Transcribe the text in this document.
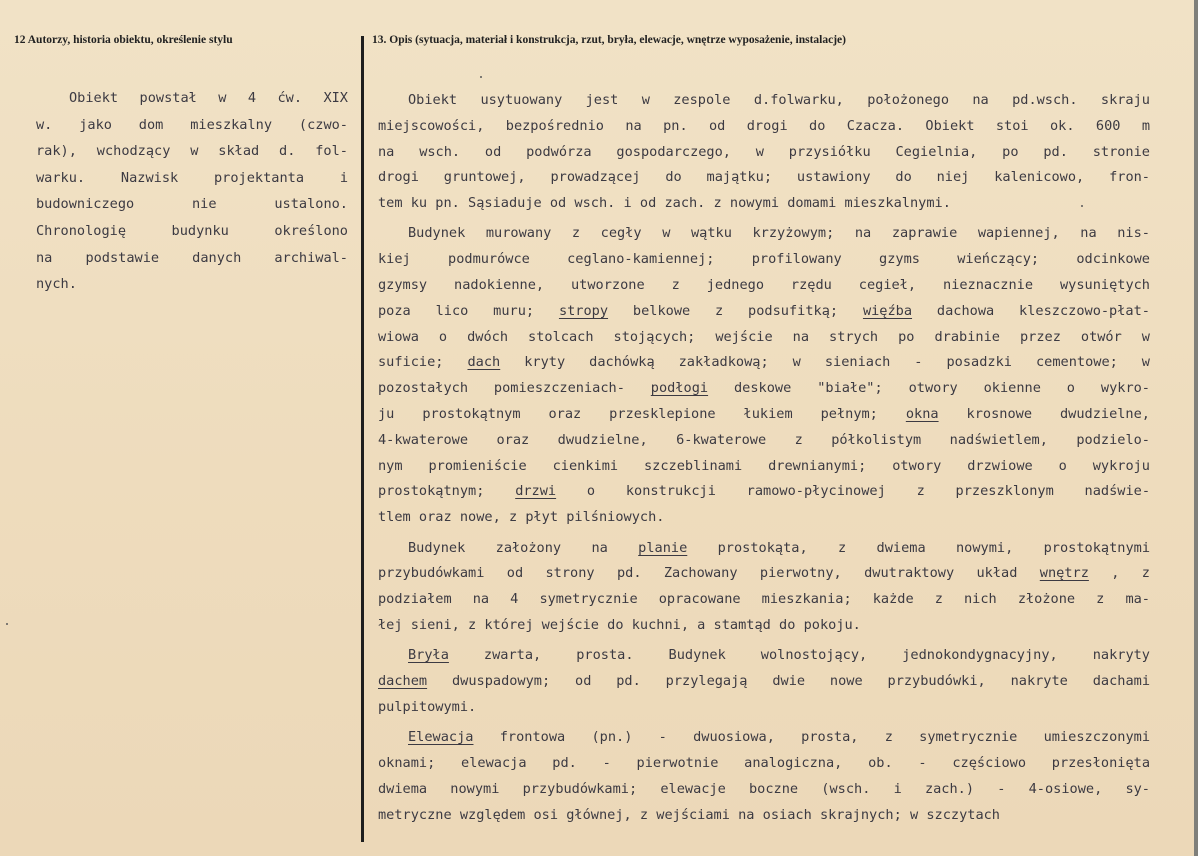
12 Autorzy, historia obiektu, określenie stylu	13. Opis (sytuacja, materiał i konstrukcja, rzut, bryła, elewacje, wnętrze wyposażenie, instalacje)
Obiekt powstał w 4 ćw. XIX
w. jako dom mieszkalny (czwo-
rak), wchodzący w skład d. fol-
warku. Nazwisk projektanta i
budowniczego nie ustalono.
Chronologię budynku określono
na podstawie danych archiwal-
nych.
Obiekt usytuowany jest w zespole d.folwarku, położonego na pd.wsch. skraju
miejscowości, bezpośrednio na pn. od drogi do Czacza. Obiekt stoi ok. 600 m
na wsch. od podwórza gospodarczego, w przysiółku Cegielnia, po pd. stronie
drogi gruntowej, prowadzącej do majątku; ustawiony do niej kalenicowo, fron-
tem ku pn. Sąsiaduje od wsch. i od zach. z nowymi domami mieszkalnymi.
Budynek murowany z cegły w wątku krzyżowym; na zaprawie wapiennej, na nis-
kiej podmurówce ceglano-kamiennej; profilowany gzyms wieńczący; odcinkowe
gzymsy nadokienne, utworzone z jednego rzędu cegieł, nieznacznie wysuniętych
poza lico muru; stropy belkowe z podsufitką; więźba dachowa kleszczowo-płat-
wiowa o dwóch stolcach stojących; wejście na strych po drabinie przez otwór w
suficie; dach kryty dachówką zakładkową; w sieniach - posadzki cementowe; w
pozostałych pomieszczeniach- podłogi deskowe "białe"; otwory okienne o wykro-
ju prostokątnym oraz przesklepione łukiem pełnym; okna krosnowe dwudzielne,
4-kwaterowe oraz dwudzielne, 6-kwaterowe z półkolistym nadświetlem, podzielo-
nym promieniście cienkimi szczeblinami drewnianymi; otwory drzwiowe o wykroju
prostokątnym; drzwi o konstrukcji ramowo-płycinowej z przeszklonym nadświe-
tlem oraz nowe, z płyt pilśniowych.
Budynek założony na planie prostokąta, z dwiema nowymi, prostokątnymi
przybudówkami od strony pd. Zachowany pierwotny, dwutraktowy układ wnętrz , z
podziałem na 4 symetrycznie opracowane mieszkania; każde z nich złożone z ma-
łej sieni, z której wejście do kuchni, a stamtąd do pokoju.
Bryła zwarta, prosta. Budynek wolnostojący, jednokondygnacyjny, nakryty
dachem dwuspadowym; od pd. przylegają dwie nowe przybudówki, nakryte dachami
pulpitowymi.
Elewacja frontowa (pn.) - dwuosiowa, prosta, z symetrycznie umieszczonymi
oknami; elewacja pd. - pierwotnie analogiczna, ob. - częściowo przesłonięta
dwiema nowymi przybudówkami; elewacje boczne (wsch. i zach.) - 4-osiowe, sy-
metryczne względem osi głównej, z wejściami na osiach skrajnych; w szczytach
